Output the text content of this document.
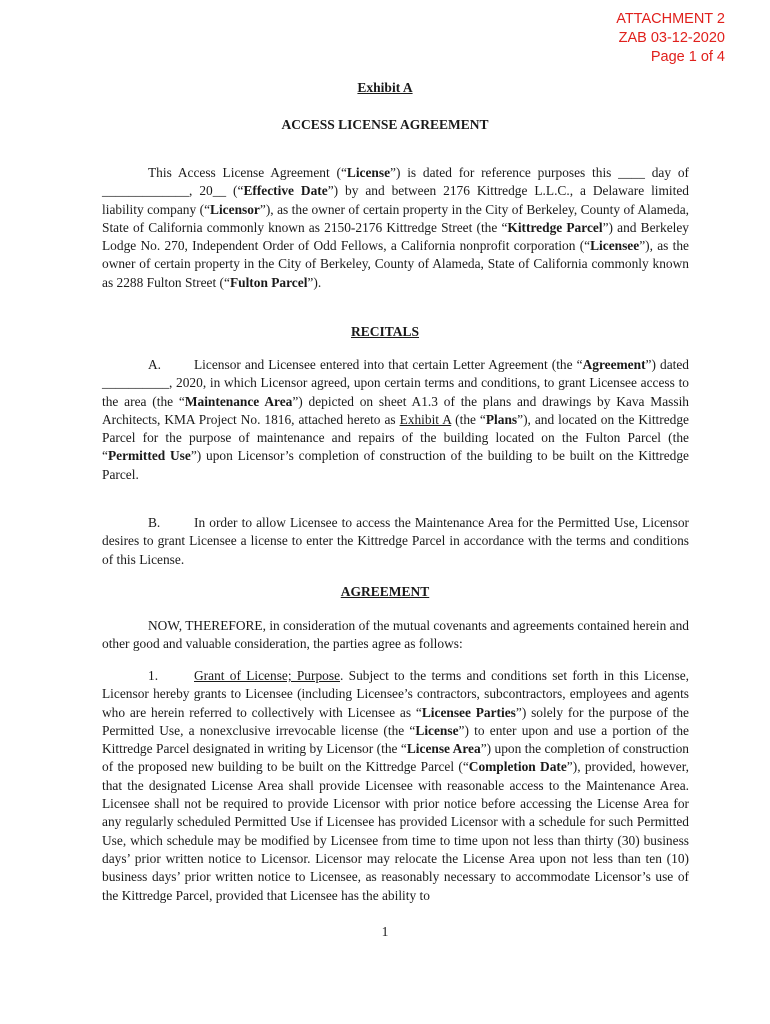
ATTACHMENT 2
ZAB 03-12-2020
Page 1 of 4
Exhibit A
ACCESS LICENSE AGREEMENT

This Access License Agreement (“License”) is dated for reference purposes this ____ day of _____________, 20__ (“Effective Date”) by and between 2176 Kittredge L.L.C., a Delaware limited liability company (“Licensor”), as the owner of certain property in the City of Berkeley, County of Alameda, State of California commonly known as 2150-2176 Kittredge Street (the “Kittredge Parcel”) and Berkeley Lodge No. 270, Independent Order of Odd Fellows, a California nonprofit corporation (“Licensee”), as the owner of certain property in the City of Berkeley, County of Alameda, State of California commonly known as 2288 Fulton Street (“Fulton Parcel”).

RECITALS

A. Licensor and Licensee entered into that certain Letter Agreement (the “Agreement”) dated __________, 2020, in which Licensor agreed, upon certain terms and conditions, to grant Licensee access to the area (the “Maintenance Area”) depicted on sheet A1.3 of the plans and drawings by Kava Massih Architects, KMA Project No. 1816, attached hereto as Exhibit A (the “Plans”), and located on the Kittredge Parcel for the purpose of maintenance and repairs of the building located on the Fulton Parcel (the “Permitted Use”) upon Licensor’s completion of construction of the building to be built on the Kittredge Parcel.

B.	In order to allow Licensee to access the Maintenance Area for the Permitted Use, Licensor desires to grant Licensee a license to enter the Kittredge Parcel in accordance with the terms and conditions of this License.

AGREEMENT

NOW, THEREFORE, in consideration of the mutual covenants and agreements contained herein and other good and valuable consideration, the parties agree as follows:

1.	Grant of License; Purpose. Subject to the terms and conditions set forth in this License, Licensor hereby grants to Licensee (including Licensee’s contractors, subcontractors, employees and agents who are herein referred to collectively with Licensee as “Licensee Parties”) solely for the purpose of the Permitted Use, a nonexclusive irrevocable license (the “License”) to enter upon and use a portion of the Kittredge Parcel designated in writing by Licensor (the “License Area”) upon the completion of construction of the proposed new building to be built on the Kittredge Parcel (“Completion Date”), provided, however, that the designated License Area shall provide Licensee with reasonable access to the Maintenance Area. Licensee shall not be required to provide Licensor with prior notice before accessing the License Area for any regularly scheduled Permitted Use if Licensee has provided Licensor with a schedule for such Permitted Use, which schedule may be modified by Licensee from time to time upon not less than thirty (30) business days’ prior written notice to Licensor. Licensor may relocate the License Area upon not less than ten (10) business days’ prior written notice to Licensee, as reasonably necessary to accommodate Licensor’s use of the Kittredge Parcel, provided that Licensee has the ability to

1
